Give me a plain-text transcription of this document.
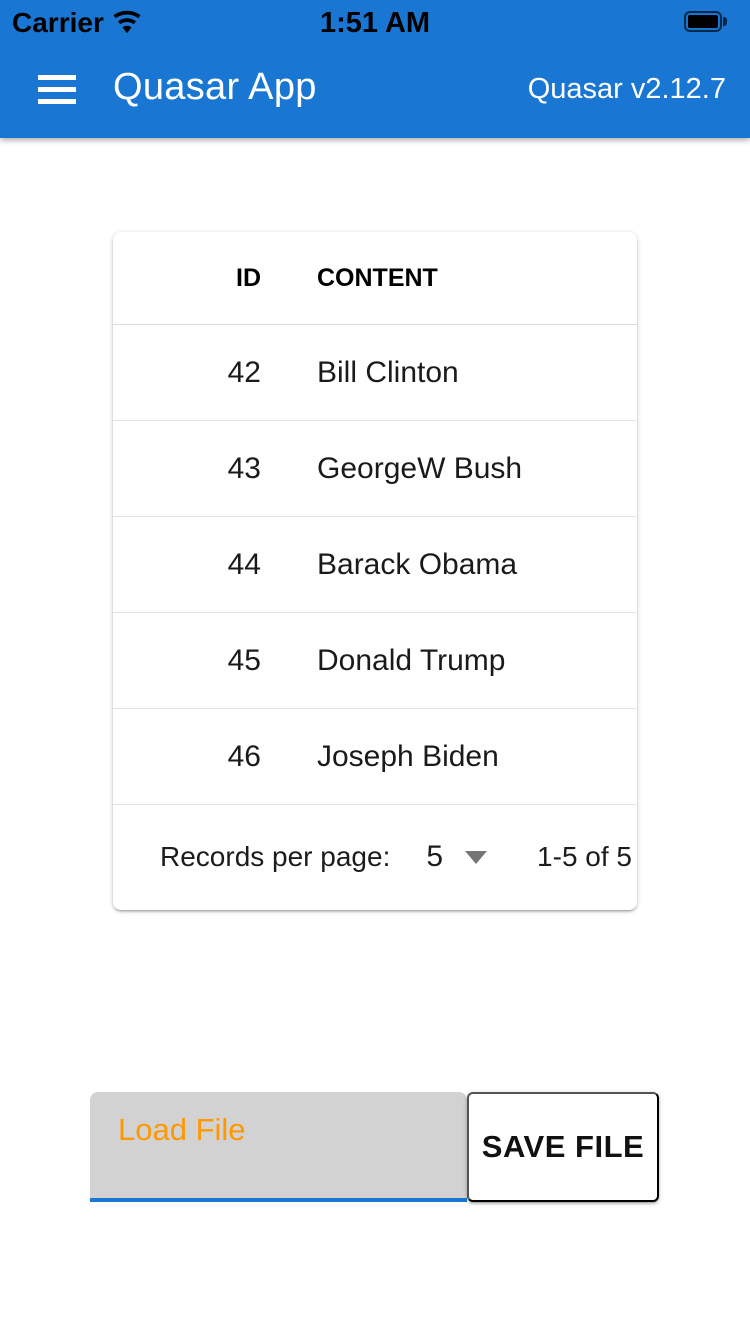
Carrier	1:51 AM
Quasar App	Quasar v2.12.7
ID	CONTENT
42	Bill Clinton
43	GeorgeW Bush
44	Barack Obama
45	Donald Trump
46	Joseph Biden
Records per page: 5	1-5 of 5
Load File	SAVE FILE
